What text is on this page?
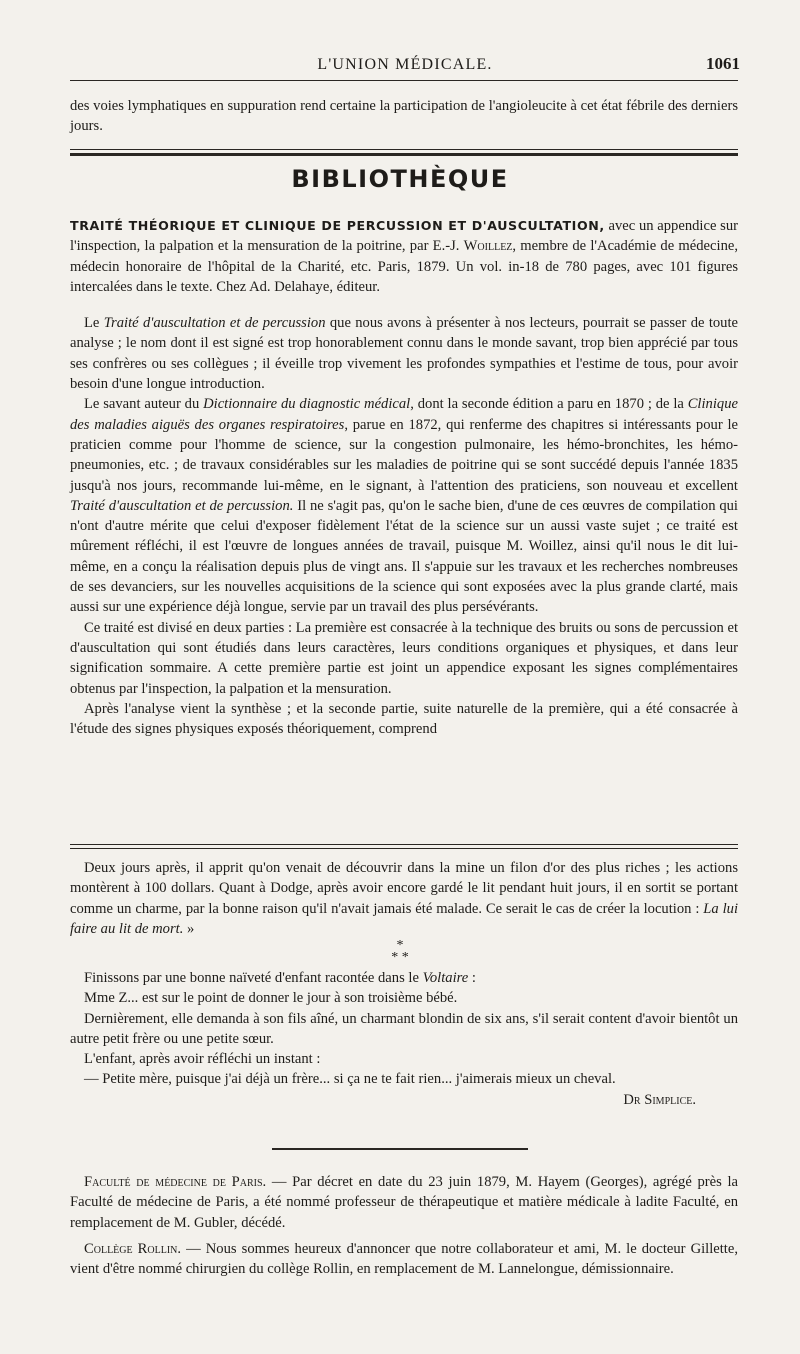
L'UNION MÉDICALE.	1061

des voies lymphatiques en suppuration rend certaine la participation de l'angioleucite à cet état fébrile des derniers jours.

BIBLIOTHÈQUE

TRAITÉ THÉORIQUE ET CLINIQUE DE PERCUSSION ET D'AUSCULTATION, avec un appendice sur l'inspection, la palpation et la mensuration de la poitrine, par E.-J. Woillez, membre de l'Académie de médecine, médecin honoraire de l'hôpital de la Charité, etc. Paris, 1879. Un vol. in-18 de 780 pages, avec 101 figures intercalées dans le texte. Chez Ad. Delahaye, éditeur.

Le Traité d'auscultation et de percussion que nous avons à présenter à nos lecteurs, pourrait se passer de toute analyse ; le nom dont il est signé est trop honorablement connu dans le monde savant, trop bien apprécié par tous ses confrères ou ses collègues ; il éveille trop vivement les profondes sympathies et l'estime de tous, pour avoir besoin d'une longue introduction.

Le savant auteur du Dictionnaire du diagnostic médical, dont la seconde édition a paru en 1870 ; de la Clinique des maladies aiguës des organes respiratoires, parue en 1872, qui renferme des chapitres si intéressants pour le praticien comme pour l'homme de science, sur la congestion pulmonaire, les hémo-bronchites, les hémo-pneumonies, etc. ; de travaux considérables sur les maladies de poitrine qui se sont succédé depuis l'année 1835 jusqu'à nos jours, recommande lui-même, en le signant, à l'attention des praticiens, son nouveau et excellent Traité d'auscultation et de percussion. Il ne s'agit pas, qu'on le sache bien, d'une de ces œuvres de compilation qui n'ont d'autre mérite que celui d'exposer fidèlement l'état de la science sur un aussi vaste sujet ; ce traité est mûrement réfléchi, il est l'œuvre de longues années de travail, puisque M. Woillez, ainsi qu'il nous le dit lui-même, en a conçu la réalisation depuis plus de vingt ans. Il s'appuie sur les travaux et les recherches nombreuses de ses devanciers, sur les nouvelles acquisitions de la science qui sont exposées avec la plus grande clarté, mais aussi sur une expérience déjà longue, servie par un travail des plus persévérants.

Ce traité est divisé en deux parties : La première est consacrée à la technique des bruits ou sons de percussion et d'auscultation qui sont étudiés dans leurs caractères, leurs conditions organiques et physiques, et dans leur signification sommaire. A cette première partie est joint un appendice exposant les signes complémentaires obtenus par l'inspection, la palpation et la mensuration.

Après l'analyse vient la synthèse ; et la seconde partie, suite naturelle de la première, qui a été consacrée à l'étude des signes physiques exposés théoriquement, comprend

Deux jours après, il apprit qu'on venait de découvrir dans la mine un filon d'or des plus riches ; les actions montèrent à 100 dollars. Quant à Dodge, après avoir encore gardé le lit pendant huit jours, il en sortit se portant comme un charme, par la bonne raison qu'il n'avait jamais été malade. Ce serait le cas de créer la locution : La lui faire au lit de mort. »

*
* *

Finissons par une bonne naïveté d'enfant racontée dans le Voltaire :

Mme Z... est sur le point de donner le jour à son troisième bébé.

Dernièrement, elle demanda à son fils aîné, un charmant blondin de six ans, s'il serait content d'avoir bientôt un autre petit frère ou une petite sœur.

L'enfant, après avoir réfléchi un instant :

— Petite mère, puisque j'ai déjà un frère... si ça ne te fait rien... j'aimerais mieux un cheval.

Dr Simplice.

Faculté de médecine de Paris. — Par décret en date du 23 juin 1879, M. Hayem (Georges), agrégé près la Faculté de médecine de Paris, a été nommé professeur de thérapeutique et matière médicale à ladite Faculté, en remplacement de M. Gubler, décédé.

Collège Rollin. — Nous sommes heureux d'annoncer que notre collaborateur et ami, M. le docteur Gillette, vient d'être nommé chirurgien du collège Rollin, en remplacement de M. Lannelongue, démissionnaire.
